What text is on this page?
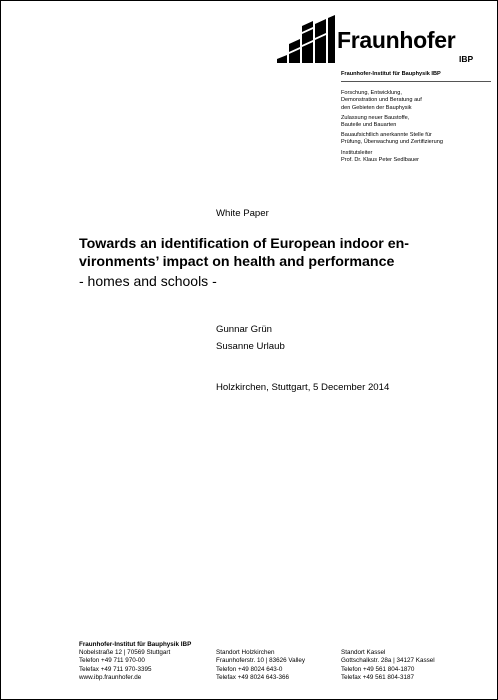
Fraunhofer
IBP
Fraunhofer-Institut für Bauphysik IBP
Forschung, Entwicklung,
Demonstration und Beratung auf
den Gebieten der Bauphysik
Zulassung neuer Baustoffe,
Bauteile und Bauarten
Bauaufsichtlich anerkannte Stelle für
Prüfung, Überwachung und Zertifizierung
Institutsleiter
Prof. Dr. Klaus Peter Sedlbauer
White Paper
Towards an identification of European indoor en-vironments’ impact on health and performance
- homes and schools -
Gunnar Grün
Susanne Urlaub
Holzkirchen, Stuttgart, 5 December 2014
Fraunhofer-Institut für Bauphysik IBP
Nobelstraße 12 | 70569 Stuttgart
Telefon +49 711 970-00
Telefax +49 711 970-3395
www.ibp.fraunhofer.de

Standort Holzkirchen
Fraunhoferstr. 10 | 83626 Valley
Telefon +49 8024 643-0
Telefax +49 8024 643-366

Standort Kassel
Gottschalkstr. 28a | 34127 Kassel
Telefon +49 561 804-1870
Telefax +49 561 804-3187
